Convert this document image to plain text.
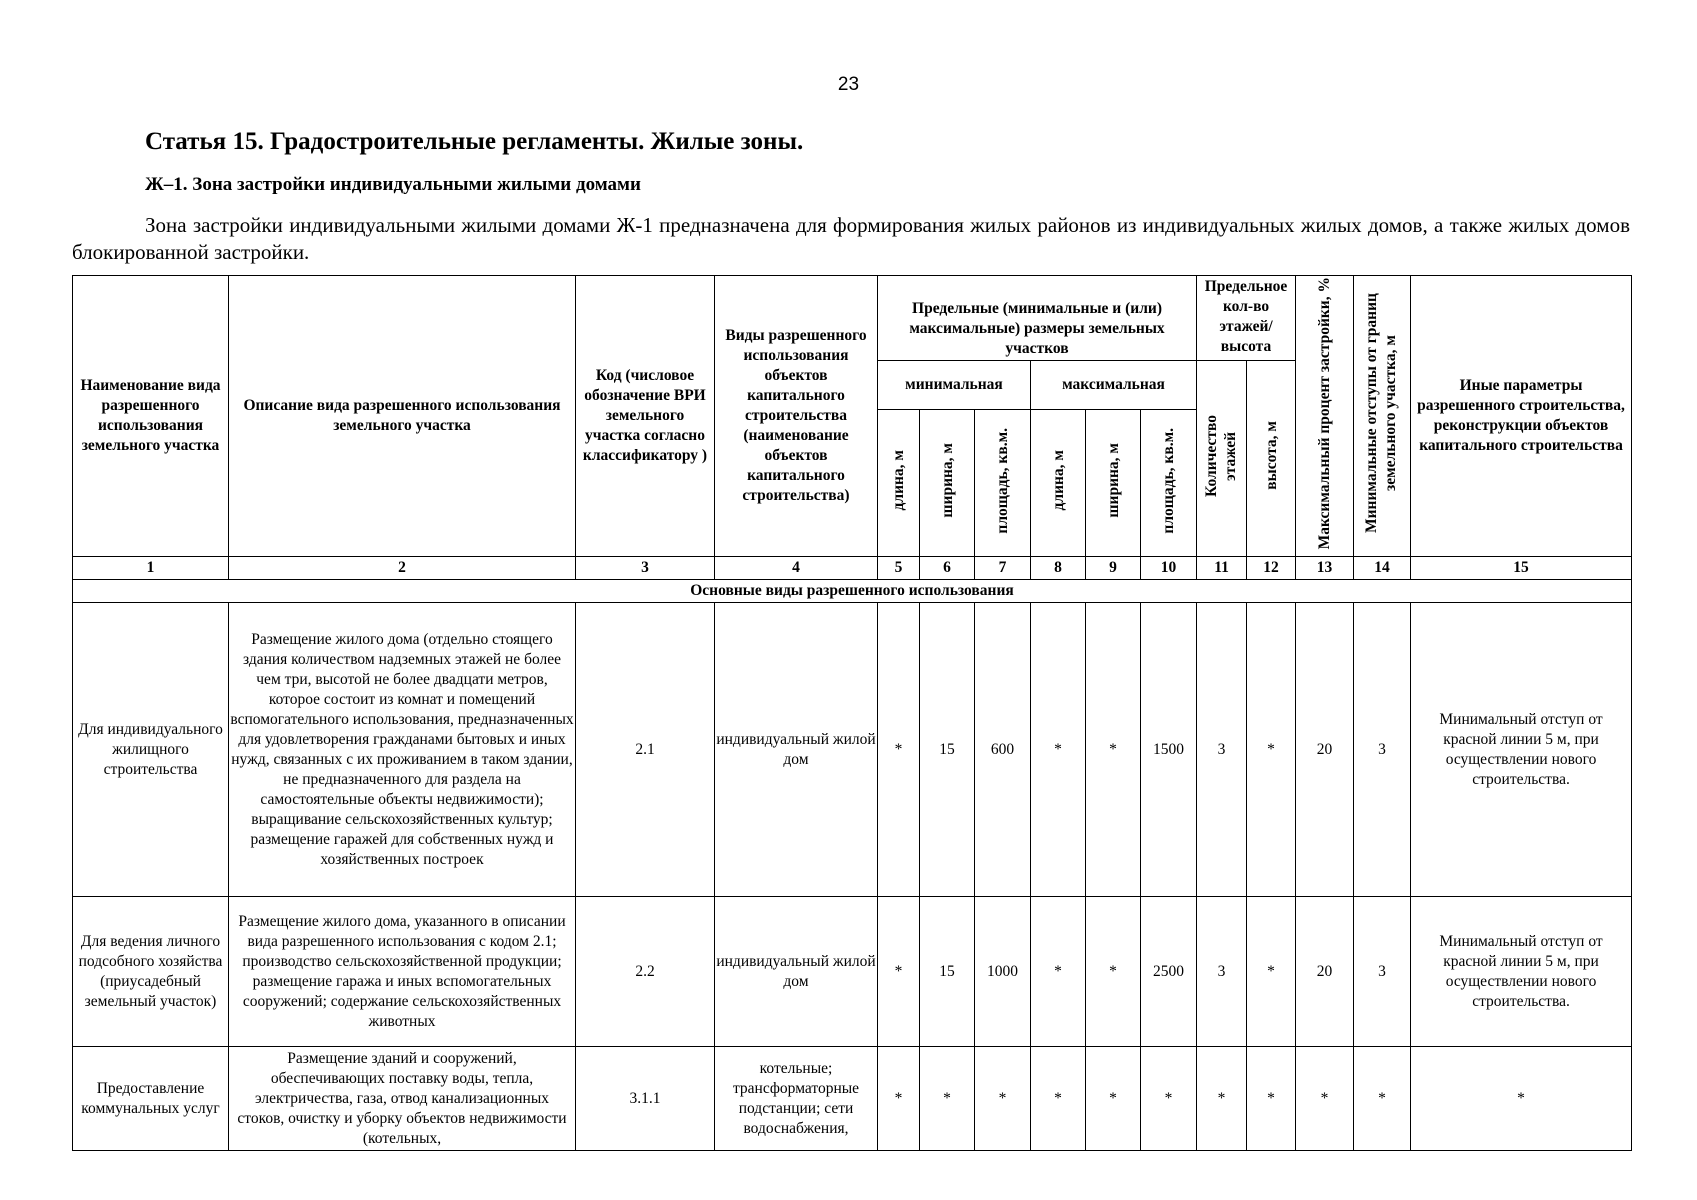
23
Статья 15. Градостроительные регламенты. Жилые зоны.
Ж–1. Зона застройки индивидуальными жилыми домами
Зона застройки индивидуальными жилыми домами Ж-1 предназначена для формирования жилых районов из индивидуальных жилых домов, а также жилых домов блокированной застройки.
Наименование вида разрешенного использования земельного участка	Описание вида разрешенного использования земельного участка	Код (числовое обозначение ВРИ земельного участка согласно классификатору )	Виды разрешенного использования объектов капитального строительства (наименование объектов капитального строительства)	Предельные (минимальные и (или) максимальные) размеры земельных участков						Предельное кол-во этажей/ высота		Максимальный процент застройки, %	Минимальные отступы от границ земельного участка, м	Иные параметры разрешенного строительства, реконструкции объектов капитального строительства
				минимальная			максимальная			Количество этажей	высота, м			
				длина, м	ширина, м	площадь, кв.м.	длина, м	ширина, м	площадь, кв.м.					
1	2	3	4	5	6	7	8	9	10	11	12	13	14	15
Основные виды разрешенного использования														
Для индивидуального жилищного строительства	Размещение жилого дома (отдельно стоящего здания количеством надземных этажей не более чем три, высотой не более двадцати метров, которое состоит из комнат и помещений вспомогательного использования, предназначенных для удовлетворения гражданами бытовых и иных нужд, связанных с их проживанием в таком здании, не предназначенного для раздела на самостоятельные объекты недвижимости); выращивание сельскохозяйственных культур; размещение гаражей для собственных нужд и хозяйственных построек	2.1	индивидуальный жилой дом	*	15	600	*	*	1500	3	*	20	3	Минимальный отступ от красной линии 5 м, при осуществлении нового строительства.
Для ведения личного подсобного хозяйства (приусадебный земельный участок)	Размещение жилого дома, указанного в описании вида разрешенного использования с кодом 2.1; производство сельскохозяйственной продукции; размещение гаража и иных вспомогательных сооружений; содержание сельскохозяйственных животных	2.2	индивидуальный жилой дом	*	15	1000	*	*	2500	3	*	20	3	Минимальный отступ от красной линии 5 м, при осуществлении нового строительства.
Предоставление коммунальных услуг	Размещение зданий и сооружений, обеспечивающих поставку воды, тепла, электричества, газа, отвод канализационных стоков, очистку и уборку объектов недвижимости (котельных,	3.1.1	котельные; трансформаторные подстанции; сети водоснабжения,	*	*	*	*	*	*	*	*	*	*	*
